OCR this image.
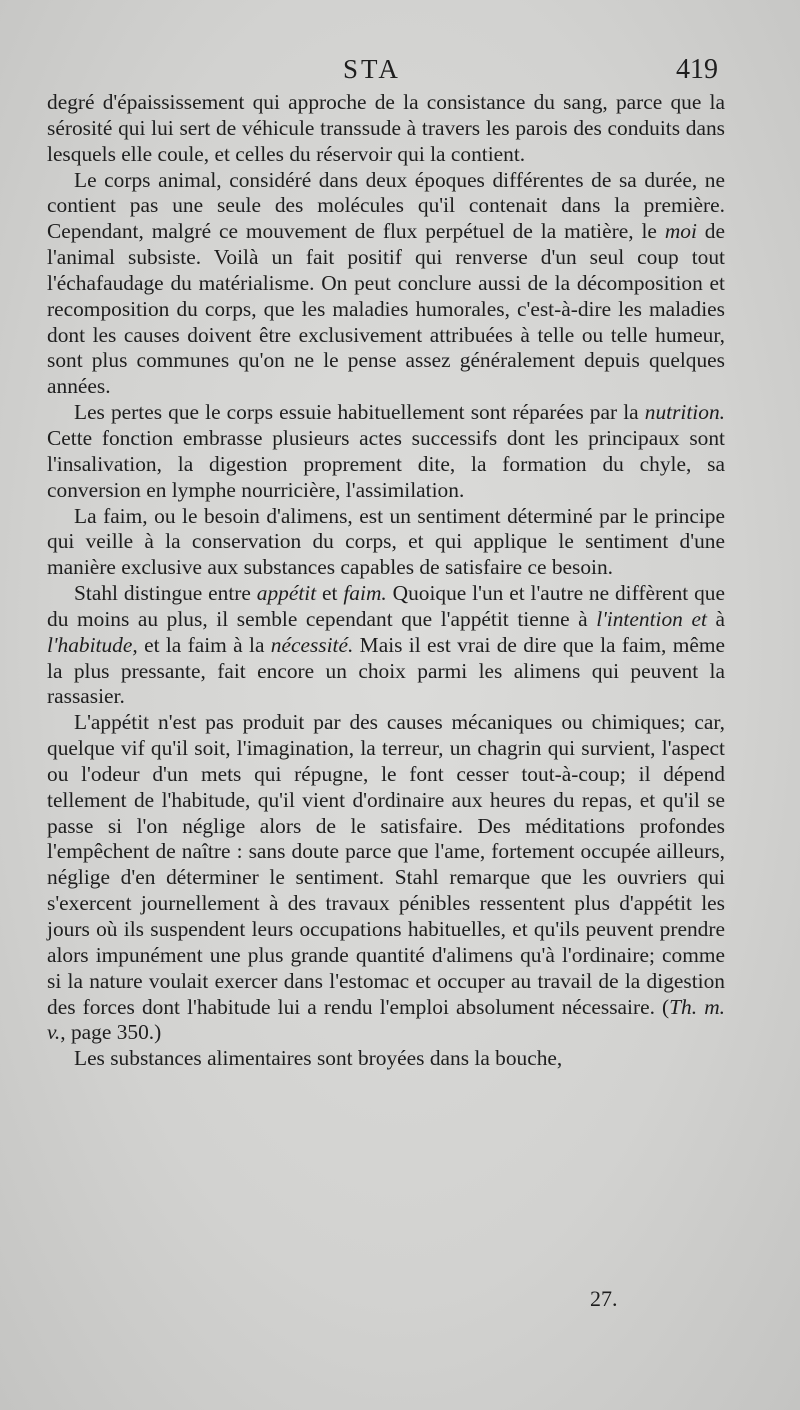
STA	419

degré d'épaississement qui approche de la consistance du sang, parce que la sérosité qui lui sert de véhicule transsude à travers les parois des conduits dans lesquels elle coule, et celles du réservoir qui la contient.

Le corps animal, considéré dans deux époques différentes de sa durée, ne contient pas une seule des molécules qu'il contenait dans la première. Cependant, malgré ce mouvement de flux perpétuel de la matière, le moi de l'animal subsiste. Voilà un fait positif qui renverse d'un seul coup tout l'échafaudage du matérialisme. On peut conclure aussi de la décomposition et recomposition du corps, que les maladies humorales, c'est-à-dire les maladies dont les causes doivent être exclusivement attribuées à telle ou telle humeur, sont plus communes qu'on ne le pense assez généralement depuis quelques années.

Les pertes que le corps essuie habituellement sont réparées par la nutrition. Cette fonction embrasse plusieurs actes successifs dont les principaux sont l'insalivation, la digestion proprement dite, la formation du chyle, sa conversion en lymphe nourricière, l'assimilation.

La faim, ou le besoin d'alimens, est un sentiment déterminé par le principe qui veille à la conservation du corps, et qui applique le sentiment d'une manière exclusive aux substances capables de satisfaire ce besoin.

Stahl distingue entre appétit et faim. Quoique l'un et l'autre ne diffèrent que du moins au plus, il semble cependant que l'appétit tienne à l'intention et à l'habitude, et la faim à la nécessité. Mais il est vrai de dire que la faim, même la plus pressante, fait encore un choix parmi les alimens qui peuvent la rassasier.

L'appétit n'est pas produit par des causes mécaniques ou chimiques; car, quelque vif qu'il soit, l'imagination, la terreur, un chagrin qui survient, l'aspect ou l'odeur d'un mets qui répugne, le font cesser tout-à-coup; il dépend tellement de l'habitude, qu'il vient d'ordinaire aux heures du repas, et qu'il se passe si l'on néglige alors de le satisfaire. Des méditations profondes l'empêchent de naître : sans doute parce que l'ame, fortement occupée ailleurs, néglige d'en déterminer le sentiment. Stahl remarque que les ouvriers qui s'exercent journellement à des travaux pénibles ressentent plus d'appétit les jours où ils suspendent leurs occupations habituelles, et qu'ils peuvent prendre alors impunément une plus grande quantité d'alimens qu'à l'ordinaire; comme si la nature voulait exercer dans l'estomac et occuper au travail de la digestion des forces dont l'habitude lui a rendu l'emploi absolument nécessaire. (Th. m. v., page 350.)

Les substances alimentaires sont broyées dans la bouche,

27.
